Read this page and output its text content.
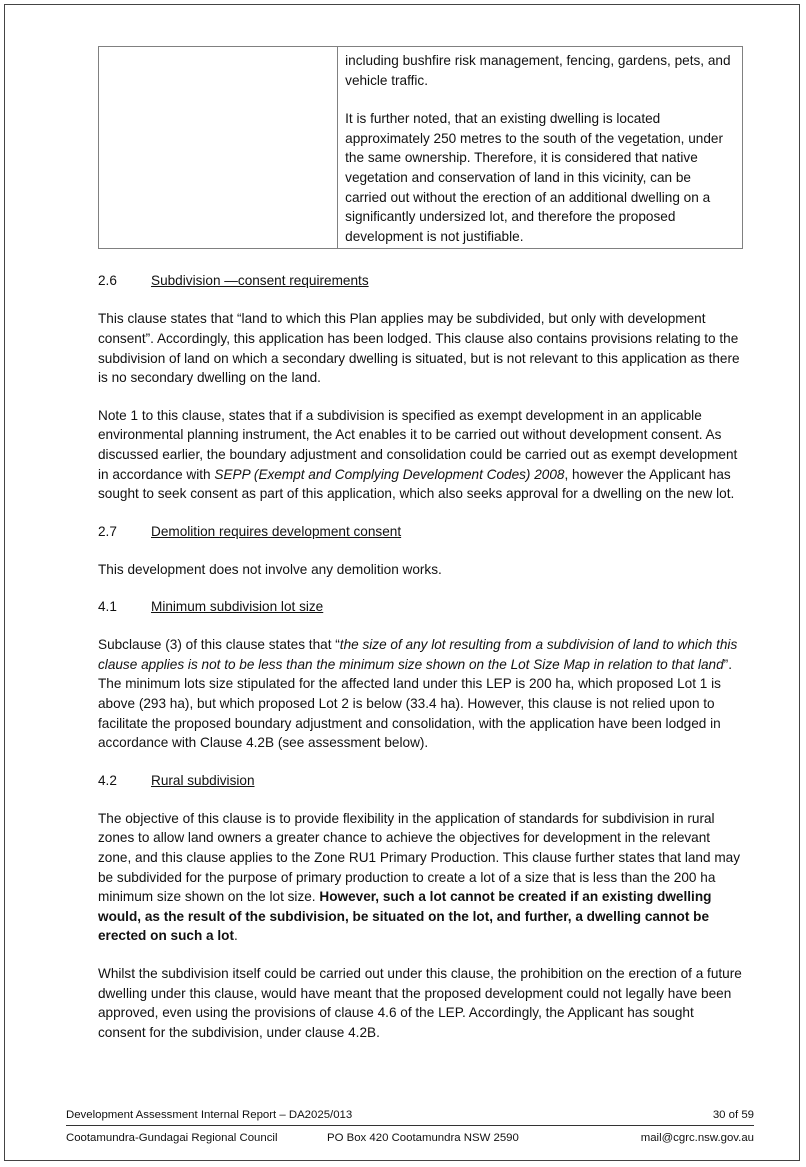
including bushfire risk management, fencing, gardens, pets, and vehicle traffic.

It is further noted, that an existing dwelling is located approximately 250 metres to the south of the vegetation, under the same ownership. Therefore, it is considered that native vegetation and conservation of land in this vicinity, can be carried out without the erection of an additional dwelling on a significantly undersized lot, and therefore the proposed development is not justifiable.

2.6	Subdivision —consent requirements

This clause states that “land to which this Plan applies may be subdivided, but only with development consent”. Accordingly, this application has been lodged. This clause also contains provisions relating to the subdivision of land on which a secondary dwelling is situated, but is not relevant to this application as there is no secondary dwelling on the land.

Note 1 to this clause, states that if a subdivision is specified as exempt development in an applicable environmental planning instrument, the Act enables it to be carried out without development consent. As discussed earlier, the boundary adjustment and consolidation could be carried out as exempt development in accordance with SEPP (Exempt and Complying Development Codes) 2008, however the Applicant has sought to seek consent as part of this application, which also seeks approval for a dwelling on the new lot.

2.7	Demolition requires development consent

This development does not involve any demolition works.

4.1	Minimum subdivision lot size

Subclause (3) of this clause states that “the size of any lot resulting from a subdivision of land to which this clause applies is not to be less than the minimum size shown on the Lot Size Map in relation to that land”. The minimum lots size stipulated for the affected land under this LEP is 200 ha, which proposed Lot 1 is above (293 ha), but which proposed Lot 2 is below (33.4 ha). However, this clause is not relied upon to facilitate the proposed boundary adjustment and consolidation, with the application have been lodged in accordance with Clause 4.2B (see assessment below).

4.2	Rural subdivision

The objective of this clause is to provide flexibility in the application of standards for subdivision in rural zones to allow land owners a greater chance to achieve the objectives for development in the relevant zone, and this clause applies to the Zone RU1 Primary Production. This clause further states that land may be subdivided for the purpose of primary production to create a lot of a size that is less than the 200 ha minimum size shown on the lot size. However, such a lot cannot be created if an existing dwelling would, as the result of the subdivision, be situated on the lot, and further, a dwelling cannot be erected on such a lot.

Whilst the subdivision itself could be carried out under this clause, the prohibition on the erection of a future dwelling under this clause, would have meant that the proposed development could not legally have been approved, even using the provisions of clause 4.6 of the LEP. Accordingly, the Applicant has sought consent for the subdivision, under clause 4.2B.

Development Assessment Internal Report – DA2025/013	30 of 59
Cootamundra-Gundagai Regional Council	PO Box 420 Cootamundra NSW 2590	mail@cgrc.nsw.gov.au
